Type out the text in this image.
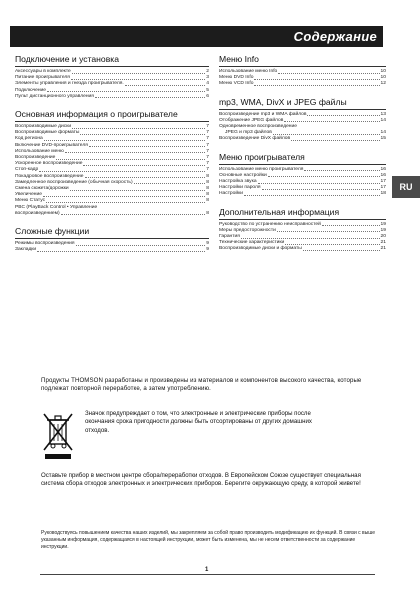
Содержание
Подключение и установка
Аксессуары в комплекте	2
Питание проигрывателя	3
Элементы управления и гнезда проигрывателя.	4
Подключение	5
Пульт дистанционного управления	6
Основная информация о проигрывателе
Воспроизводимые диски	7
Воспроизводимые форматы	7
Код региона	7
Включение DVD-проигрывателя	7
Использование меню	7
Воспроизведение	7
Ускоренное воспроизведение	7
Стоп-кадр	7
Покадровое воспроизведение	8
Замедленное воспроизведение (обычная скорость)	8
Смена сюжета/дорожки	8
Увеличение	8
Меню Статус	8
PBC (PlayBack Control • Управление
воспроизведением)	8
Сложные функции
Режимы воспроизведения	9
Закладки	9
Меню Info
Использование меню Info	10
Меню DVD Info	10
Меню VCD Info	12
mp3, WMA, DivX и JPEG файлы
Воспроизведение mp3 и WMA файлов	13
Отображение JPEG файлов	14
Одновременное воспроизведение
JPEG и mp3 файлов	14
Воспроизведение DivX файлов	15
Меню проигрывателя
Использование меню проигрывателя	16
Основные настройки	16
Настройка звука	17
Настройки пароля	17
Настройки	18
Дополнительная информация
Руководство по устранению неисправностей	19
Меры предосторожности	19
Гарантия	20
Технические характеристики	21
Воспроизводимые диски и форматы	21
RU
Продукты THOMSON разработаны и произведены из материалов и компонентов высокого качества, которые подлежат повторной переработке, а затем употреблению.
Значок предупреждает о том, что электронные и электрические приборы после окончания срока пригодности должны быть отсортированы от других домашних отходов.
Оставьте прибор в местном центре сбора/переработки отходов. В Европейском Союзе существует специальная система сбора отходов электронных и электрических приборов. Берегите окружающую среду, в которой живете!
Руководствуясь повышением качества наших изделий, мы закрепляем за собой право производить модификацию их функций. В связи с выше указанным информация, содержащаяся в настоящей инструкции, может быть изменена, мы не несем ответственности за содержание инструкции.
1
